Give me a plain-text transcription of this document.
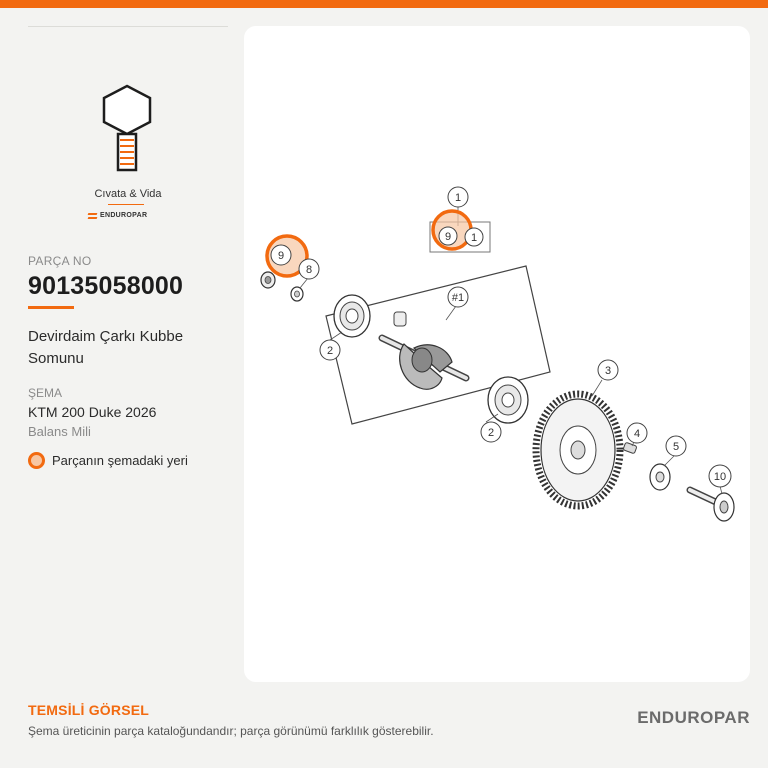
Cıvata & Vida
ENDUROPAR
PARÇA NO
90135058000
Devirdaim Çarkı Kubbe Somunu
ŞEMA
KTM 200 Duke 2026
Balans Mili
Parçanın şemadaki yeri
1
9 1
9
8
#1
2
2
3
4
5
10
TEMSİLİ GÖRSEL
Şema üreticinin parça kataloğundandır; parça görünümü farklılık gösterebilir.
ENDUROPAR
